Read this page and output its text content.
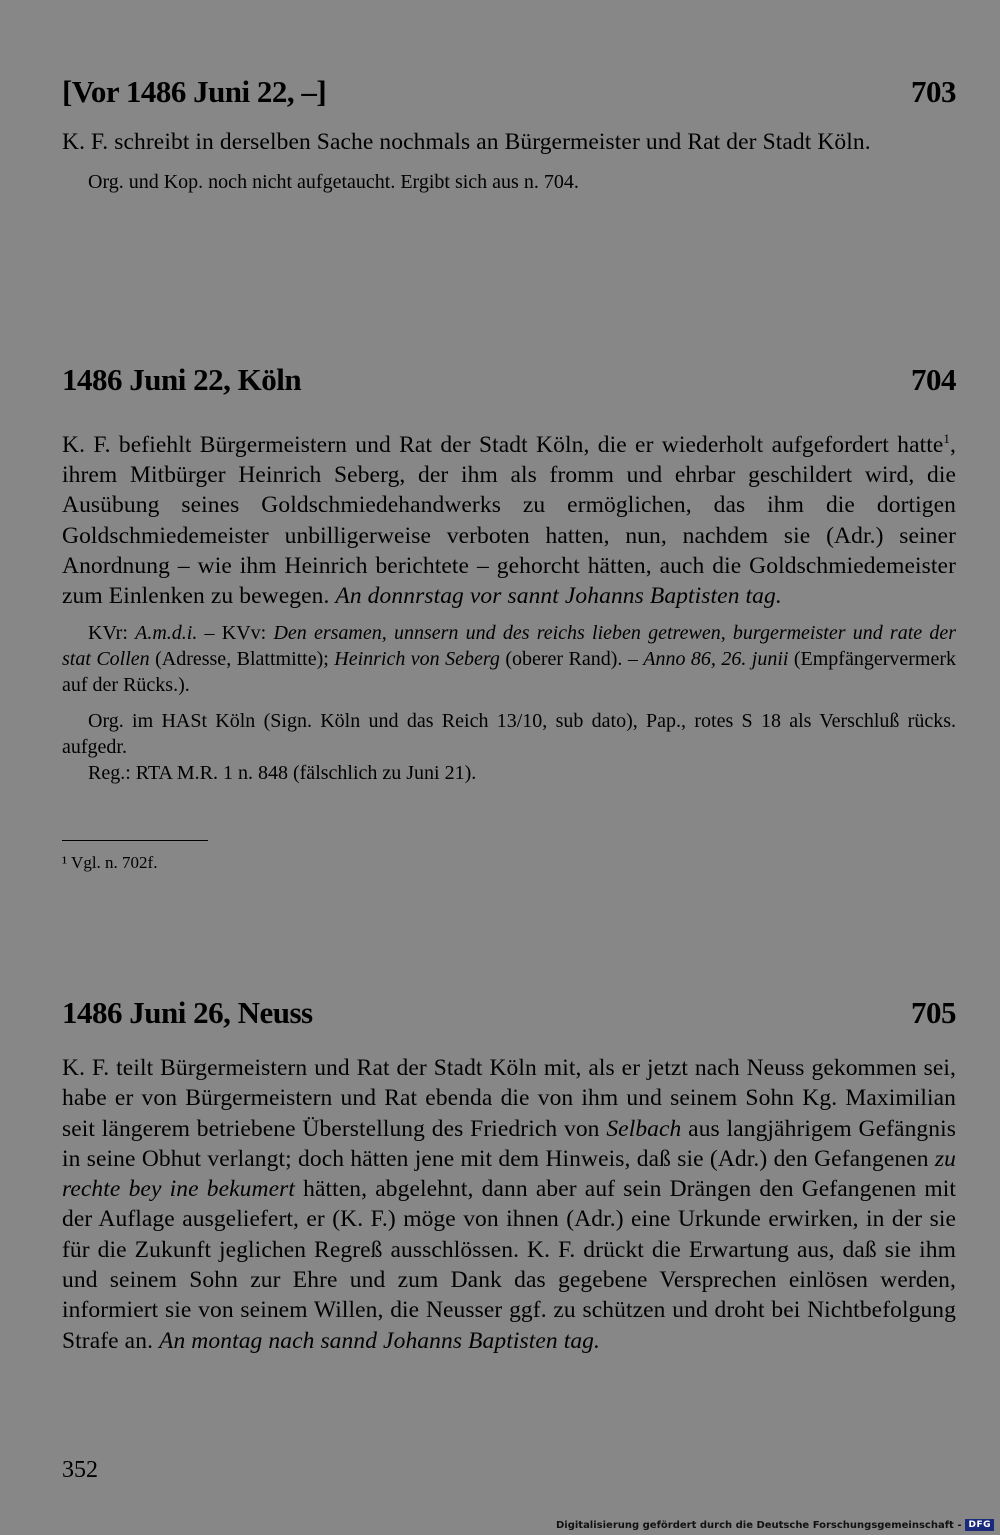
[Vor 1486 Juni 22, –]	703

K. F. schreibt in derselben Sache nochmals an Bürgermeister und Rat der Stadt Köln.

Org. und Kop. noch nicht aufgetaucht. Ergibt sich aus n. 704.

1486 Juni 22, Köln	704

K. F. befiehlt Bürgermeistern und Rat der Stadt Köln, die er wiederholt aufgefordert hatte$^1$, ihrem Mitbürger Heinrich Seberg, der ihm als fromm und ehrbar geschildert wird, die Ausübung seines Goldschmiedehandwerks zu ermöglichen, das ihm die dortigen Goldschmiedemeister unbilligerweise verboten hatten, nun, nachdem sie (Adr.) seiner Anordnung – wie ihm Heinrich berichtete – gehorcht hätten, auch die Goldschmiedemeister zum Einlenken zu bewegen. An donnrstag vor sannt Johanns Baptisten tag.

KVr: A.m.d.i. – KVv: Den ersamen, unnsern und des reichs lieben getrewen, burgermeister und rate der stat Collen (Adresse, Blattmitte); Heinrich von Seberg (oberer Rand). – Anno 86, 26. junii (Empfängervermerk auf der Rücks.).

Org. im HASt Köln (Sign. Köln und das Reich 13/10, sub dato), Pap., rotes S 18 als Verschluß rücks. aufgedr.

Reg.: RTA M.R. 1 n. 848 (fälschlich zu Juni 21).

¹ Vgl. n. 702f.
1486 Juni 26, Neuss	705

K. F. teilt Bürgermeistern und Rat der Stadt Köln mit, als er jetzt nach Neuss gekommen sei, habe er von Bürgermeistern und Rat ebenda die von ihm und seinem Sohn Kg. Maximilian seit längerem betriebene Überstellung des Friedrich von Selbach aus langjährigem Gefängnis in seine Obhut verlangt; doch hätten jene mit dem Hinweis, daß sie (Adr.) den Gefangenen zu rechte bey ine bekumert hätten, abgelehnt, dann aber auf sein Drängen den Gefangenen mit der Auflage ausgeliefert, er (K. F.) möge von ihnen (Adr.) eine Urkunde erwirken, in der sie für die Zukunft jeglichen Regreß ausschlössen. K. F. drückt die Erwartung aus, daß sie ihm und seinem Sohn zur Ehre und zum Dank das gegebene Versprechen einlösen werden, informiert sie von seinem Willen, die Neusser ggf. zu schützen und droht bei Nichtbefolgung Strafe an. An montag nach sannd Johanns Baptisten tag.

352
Digitalisierung gefördert durch die Deutsche Forschungsgemeinschaft - DFG
